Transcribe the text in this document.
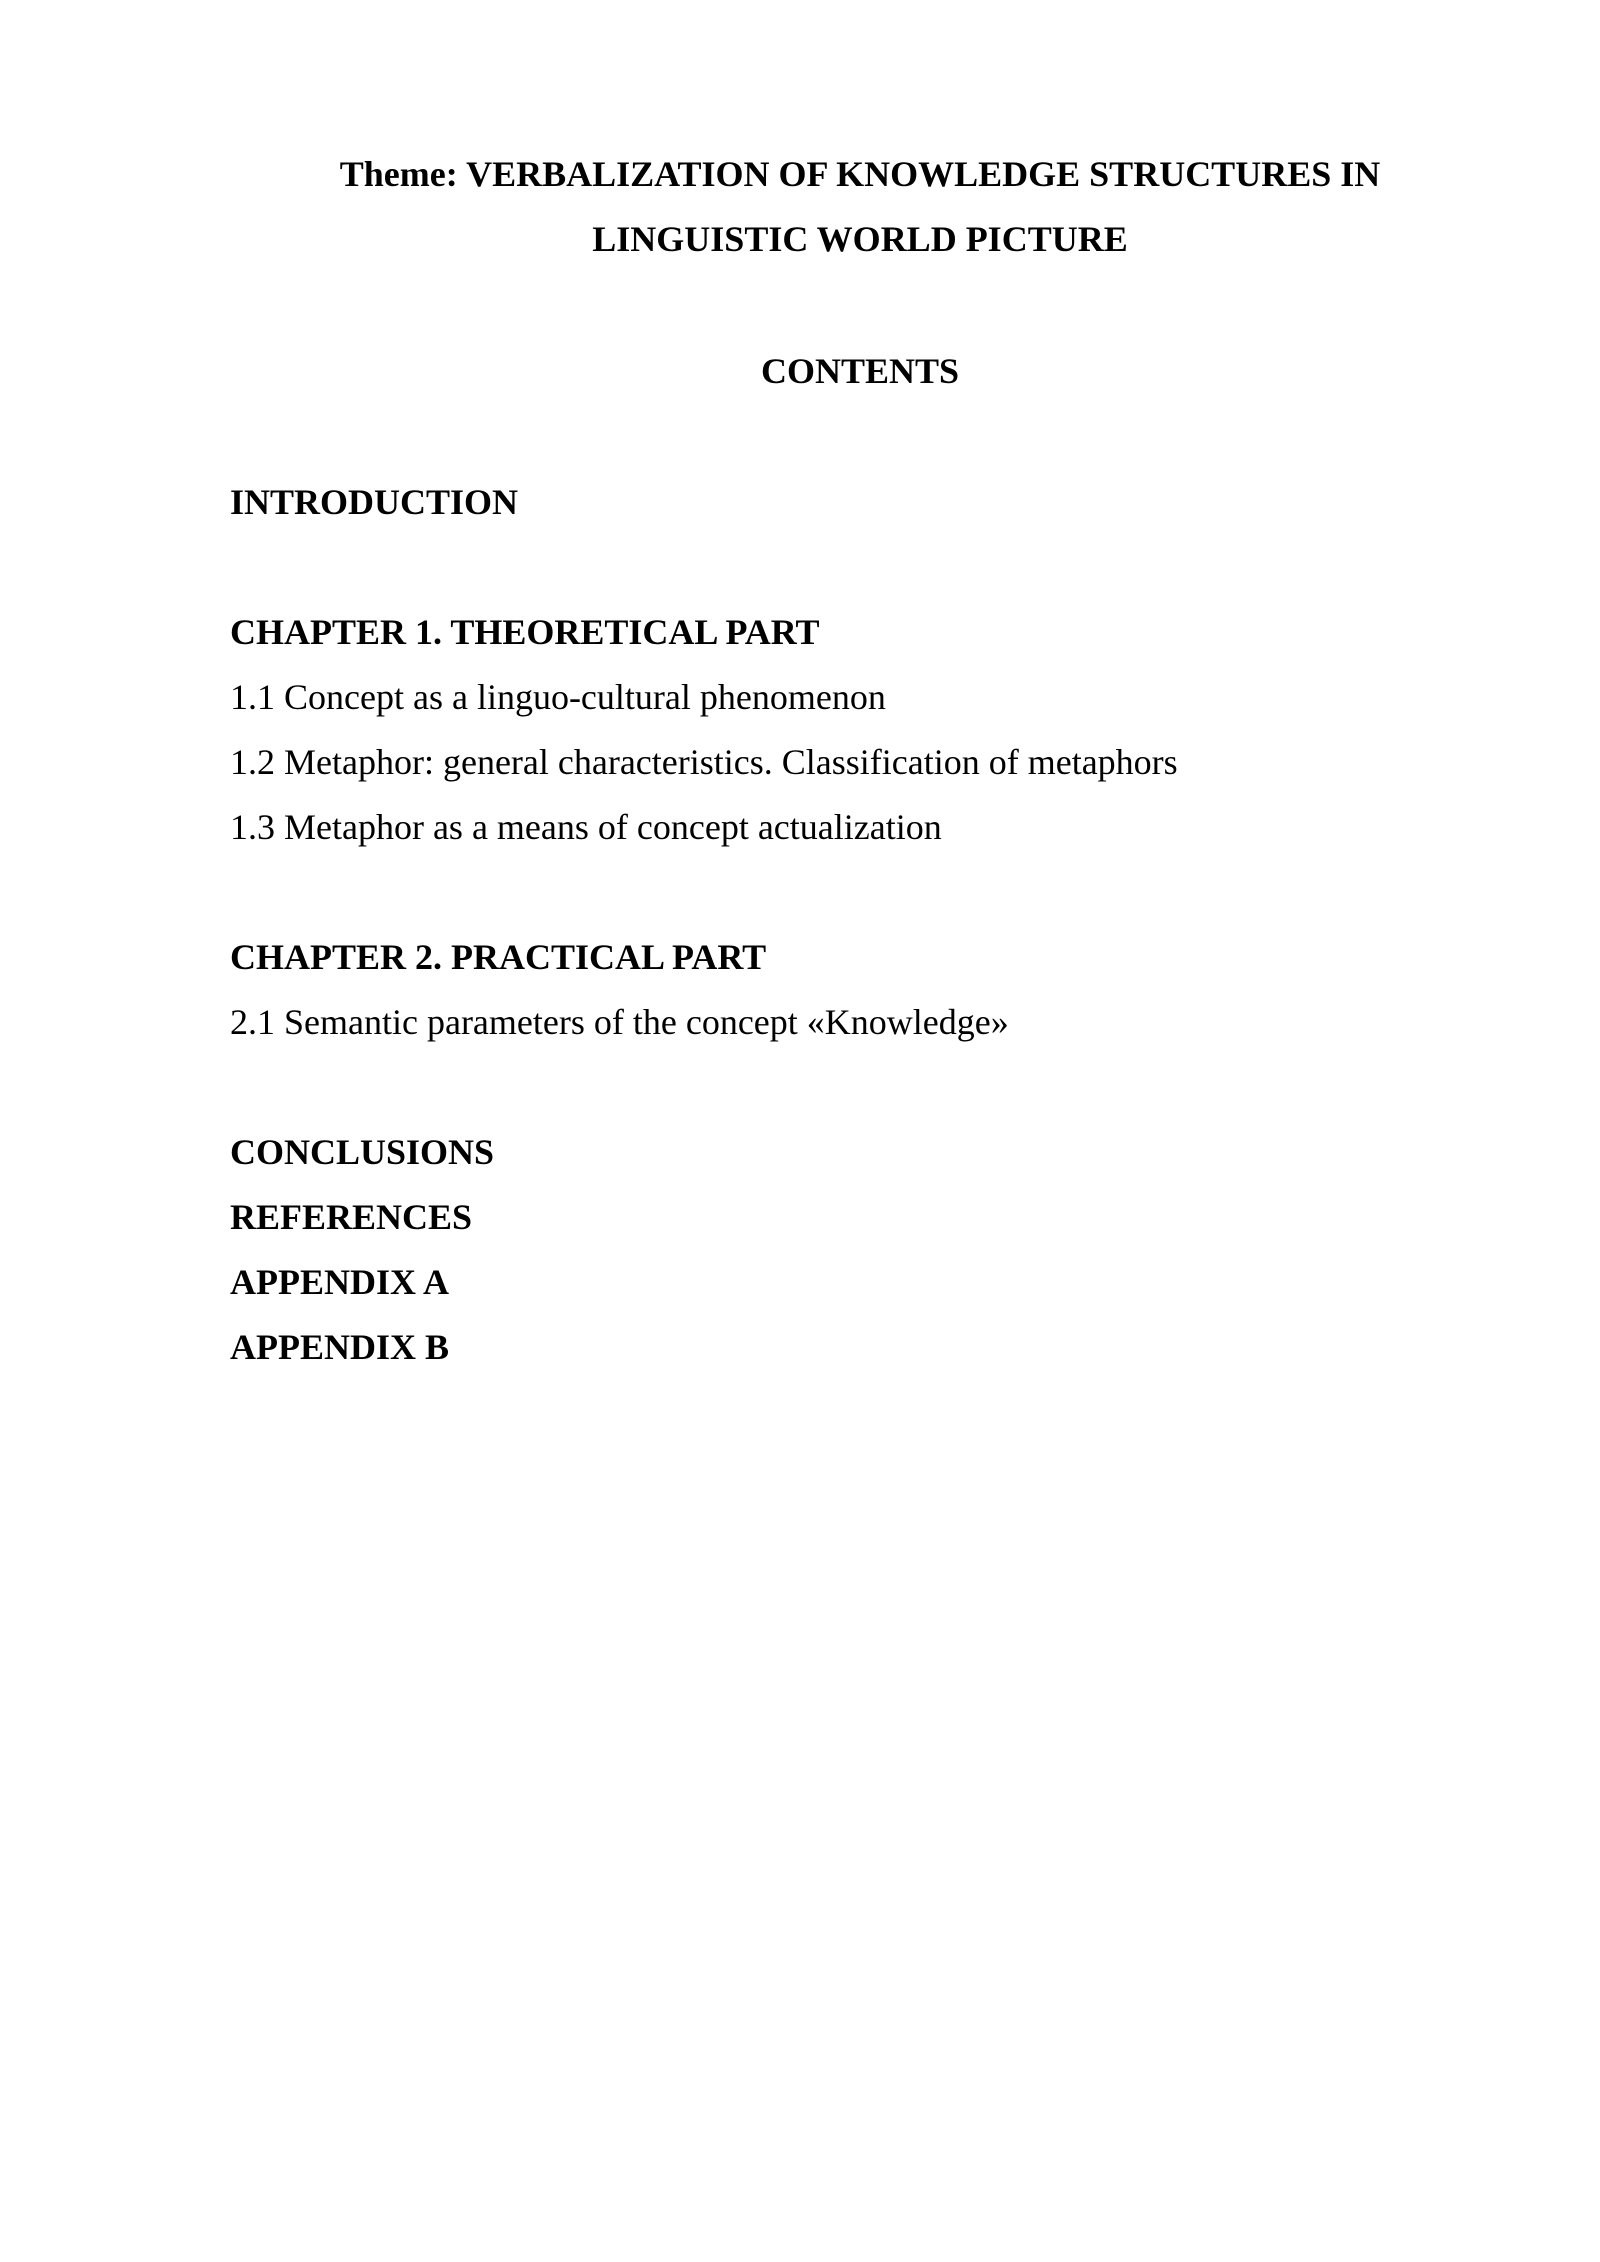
Theme: VERBALIZATION OF KNOWLEDGE STRUCTURES IN
LINGUISTIC WORLD PICTURE
CONTENTS
INTRODUCTION
CHAPTER 1. THEORETICAL PART
1.1 Concept as a linguo-cultural phenomenon
1.2 Metaphor: general characteristics. Classification of metaphors
1.3 Metaphor as a means of concept actualization
CHAPTER 2. PRACTICAL PART
2.1 Semantic parameters of the concept «Knowledge»
CONCLUSIONS
REFERENCES
APPENDIX A
APPENDIX B
